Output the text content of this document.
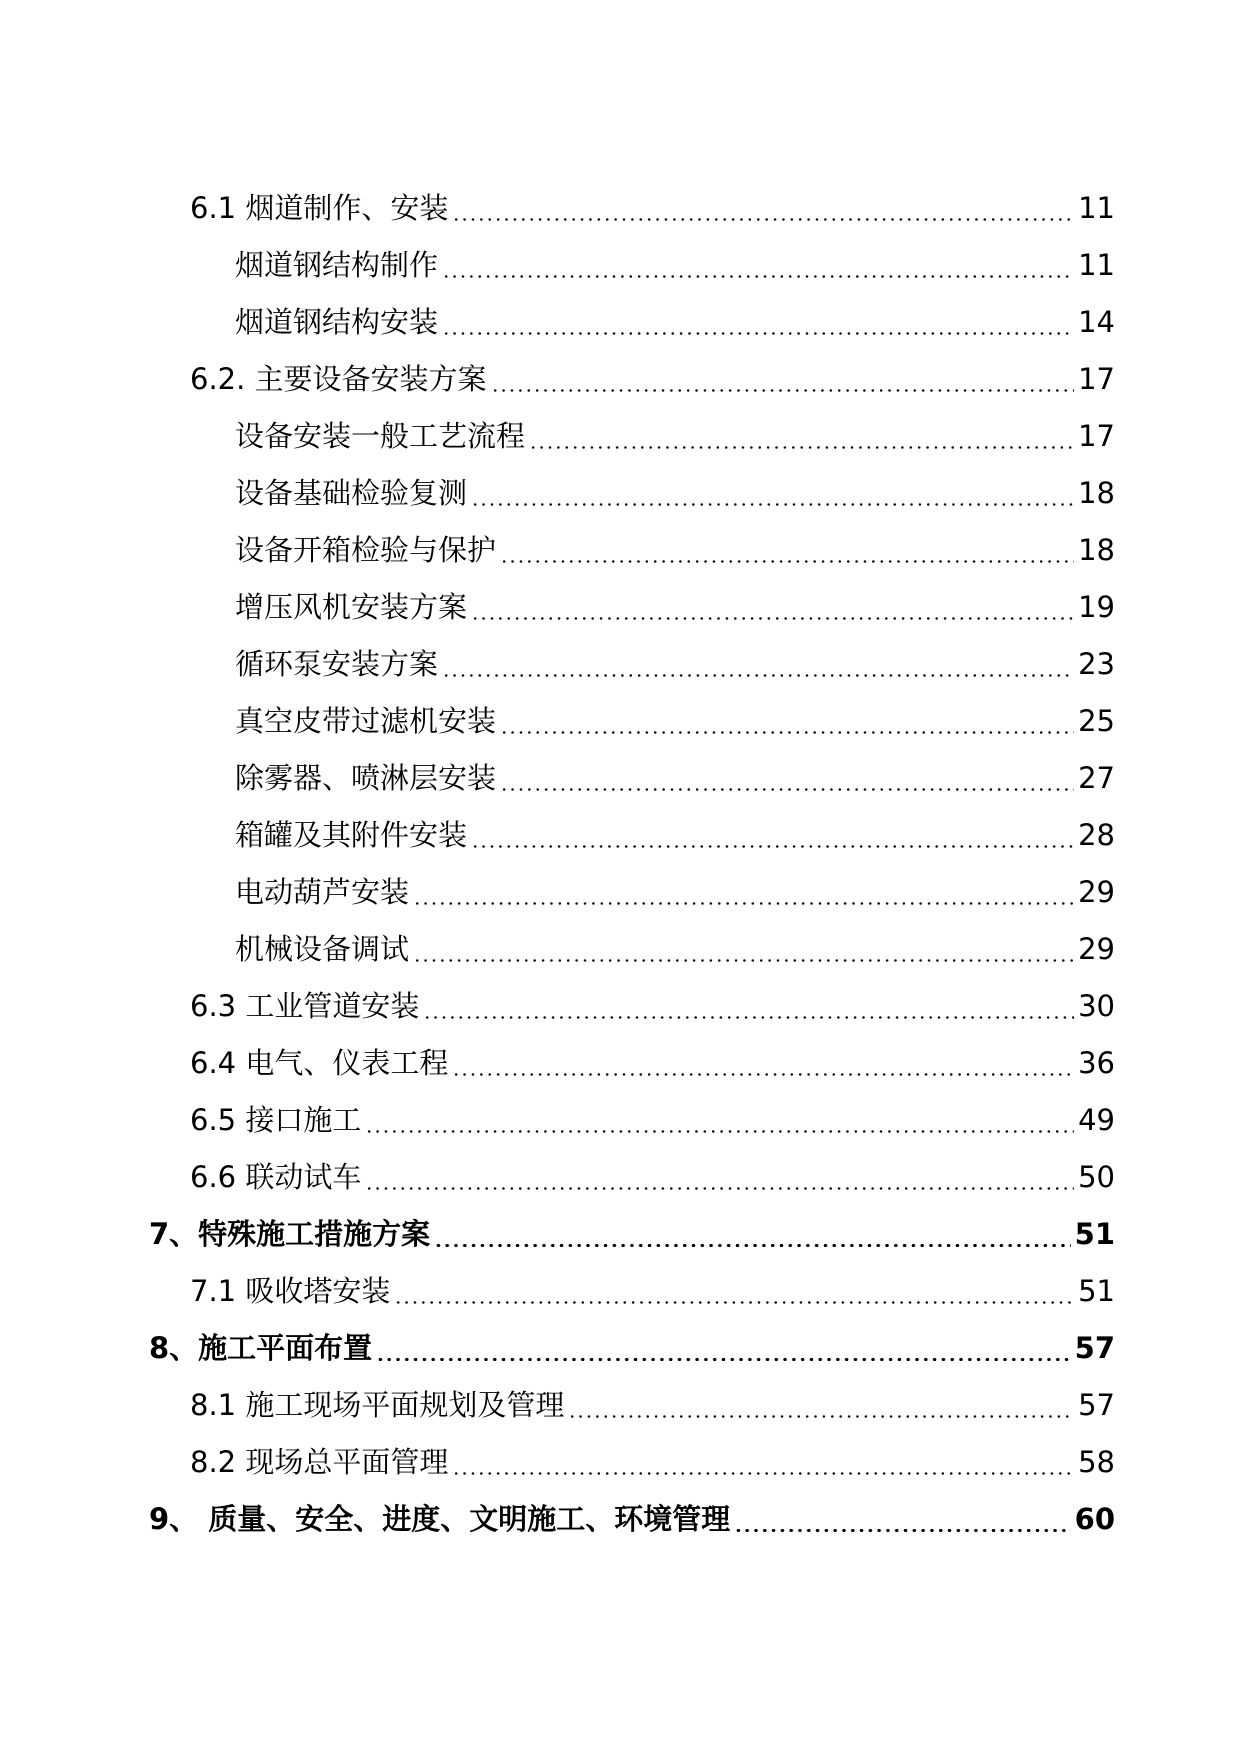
6.1 烟道制作、安装	11
烟道钢结构制作	11
烟道钢结构安装	14
6.2. 主要设备安装方案	17
设备安装一般工艺流程	17
设备基础检验复测	18
设备开箱检验与保护	18
增压风机安装方案	19
循环泵安装方案	23
真空皮带过滤机安装	25
除雾器、喷淋层安装	27
箱罐及其附件安装	28
电动葫芦安装	29
机械设备调试	29
6.3 工业管道安装	30
6.4 电气、仪表工程	36
6.5 接口施工	49
6.6 联动试车	50
7、特殊施工措施方案	51
7.1 吸收塔安装	51
8、施工平面布置	57
8.1 施工现场平面规划及管理	57
8.2 现场总平面管理	58
9、 质量、安全、进度、文明施工、环境管理	60
